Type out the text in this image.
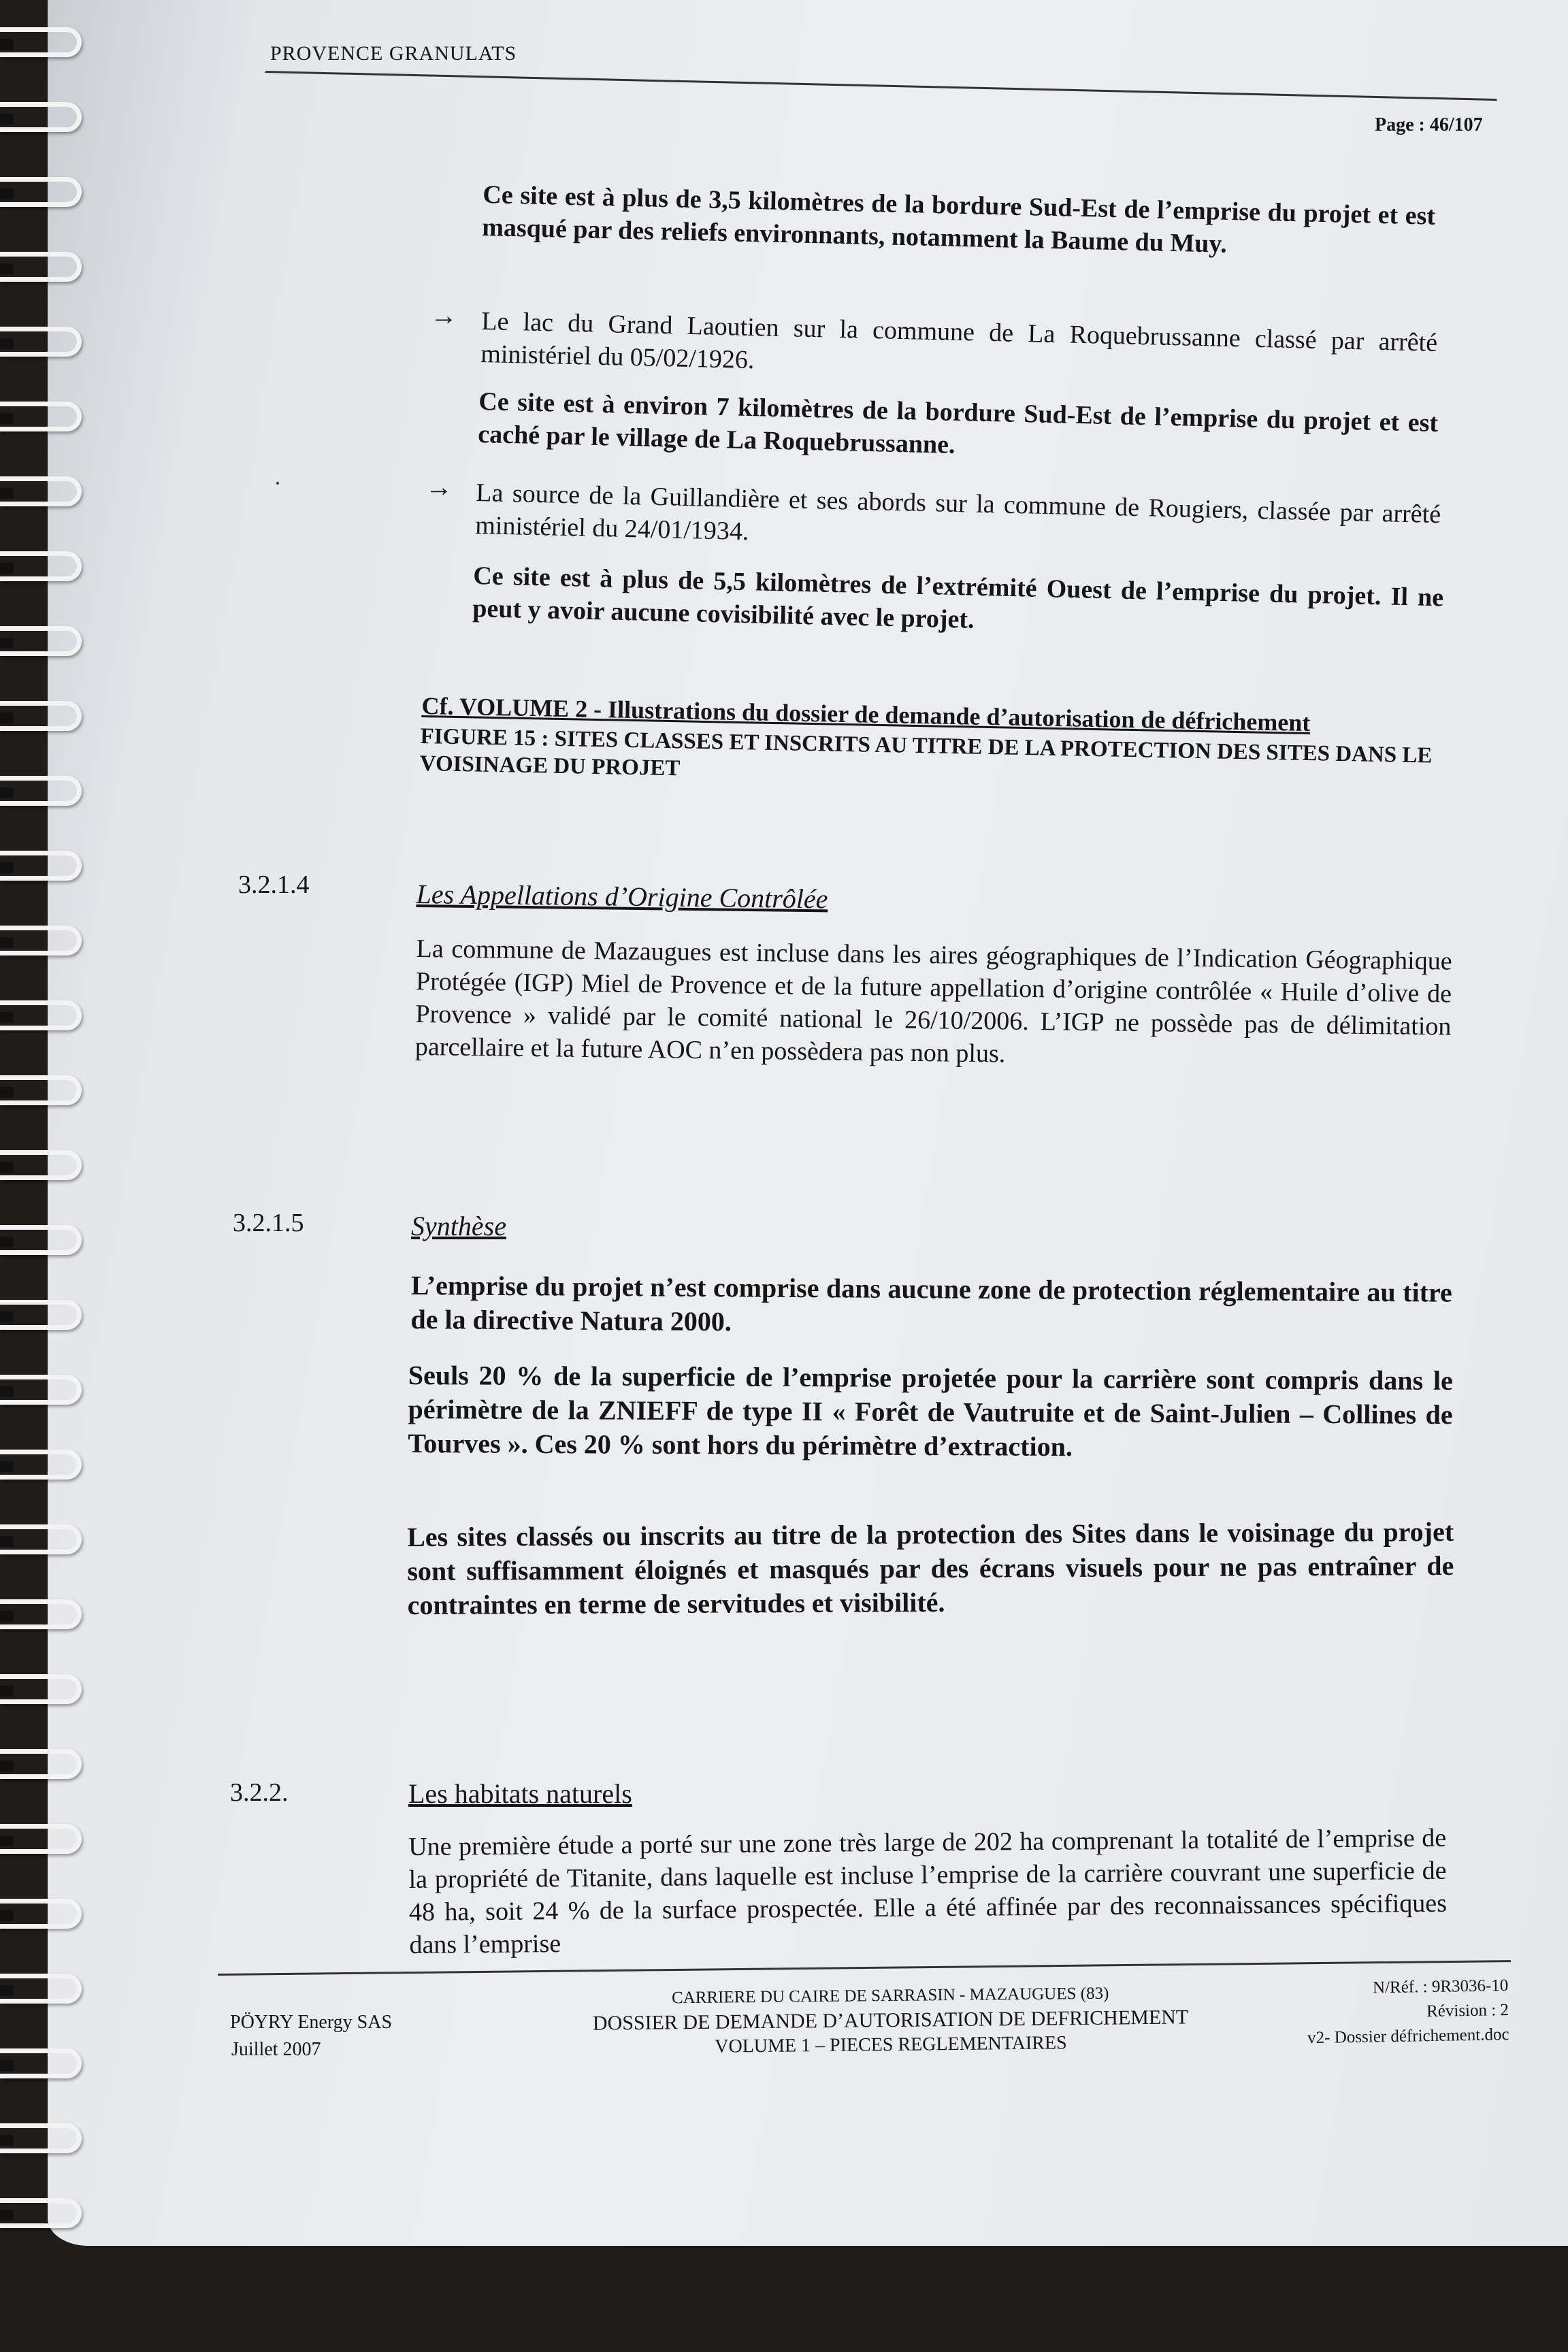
PROVENCE GRANULATS
Page : 46/107
Ce site est à plus de 3,5 kilomètres de la bordure Sud-Est de l’emprise du projet et est masqué par des reliefs environnants, notamment la Baume du Muy.
→ Le lac du Grand Laoutien sur la commune de La Roquebrussanne classé par arrêté ministériel du 05/02/1926.
Ce site est à environ 7 kilomètres de la bordure Sud-Est de l’emprise du projet et est caché par le village de La Roquebrussanne.
→ La source de la Guillandière et ses abords sur la commune de Rougiers, classée par arrêté ministériel du 24/01/1934.
Ce site est à plus de 5,5 kilomètres de l’extrémité Ouest de l’emprise du projet. Il ne peut y avoir aucune covisibilité avec le projet.
Cf. VOLUME 2 - Illustrations du dossier de demande d’autorisation de défrichement
FIGURE 15 : SITES CLASSES ET INSCRITS AU TITRE DE LA PROTECTION DES SITES DANS LE VOISINAGE DU PROJET
3.2.1.4	Les Appellations d’Origine Contrôlée
La commune de Mazaugues est incluse dans les aires géographiques de l’Indication Géographique Protégée (IGP) Miel de Provence et de la future appellation d’origine contrôlée « Huile d’olive de Provence » validé par le comité national le 26/10/2006. L’IGP ne possède pas de délimitation parcellaire et la future AOC n’en possèdera pas non plus.
3.2.1.5	Synthèse
L’emprise du projet n’est comprise dans aucune zone de protection réglementaire au titre de la directive Natura 2000.
Seuls 20 % de la superficie de l’emprise projetée pour la carrière sont compris dans le périmètre de la ZNIEFF de type II « Forêt de Vautruite et de Saint-Julien – Collines de Tourves ». Ces 20 % sont hors du périmètre d’extraction.
Les sites classés ou inscrits au titre de la protection des Sites dans le voisinage du projet sont suffisamment éloignés et masqués par des écrans visuels pour ne pas entraîner de contraintes en terme de servitudes et visibilité.
3.2.2.	Les habitats naturels
Une première étude a porté sur une zone très large de 202 ha comprenant la totalité de l’emprise de la propriété de Titanite, dans laquelle est incluse l’emprise de la carrière couvrant une superficie de 48 ha, soit 24 % de la surface prospectée. Elle a été affinée par des reconnaissances spécifiques dans l’emprise
PÖYRY Energy SAS
Juillet 2007
CARRIERE DU CAIRE DE SARRASIN - MAZAUGUES (83)
DOSSIER DE DEMANDE D’AUTORISATION DE DEFRICHEMENT
VOLUME 1 – PIECES REGLEMENTAIRES
N/Réf. : 9R3036-10
Révision : 2
v2- Dossier défrichement.doc
